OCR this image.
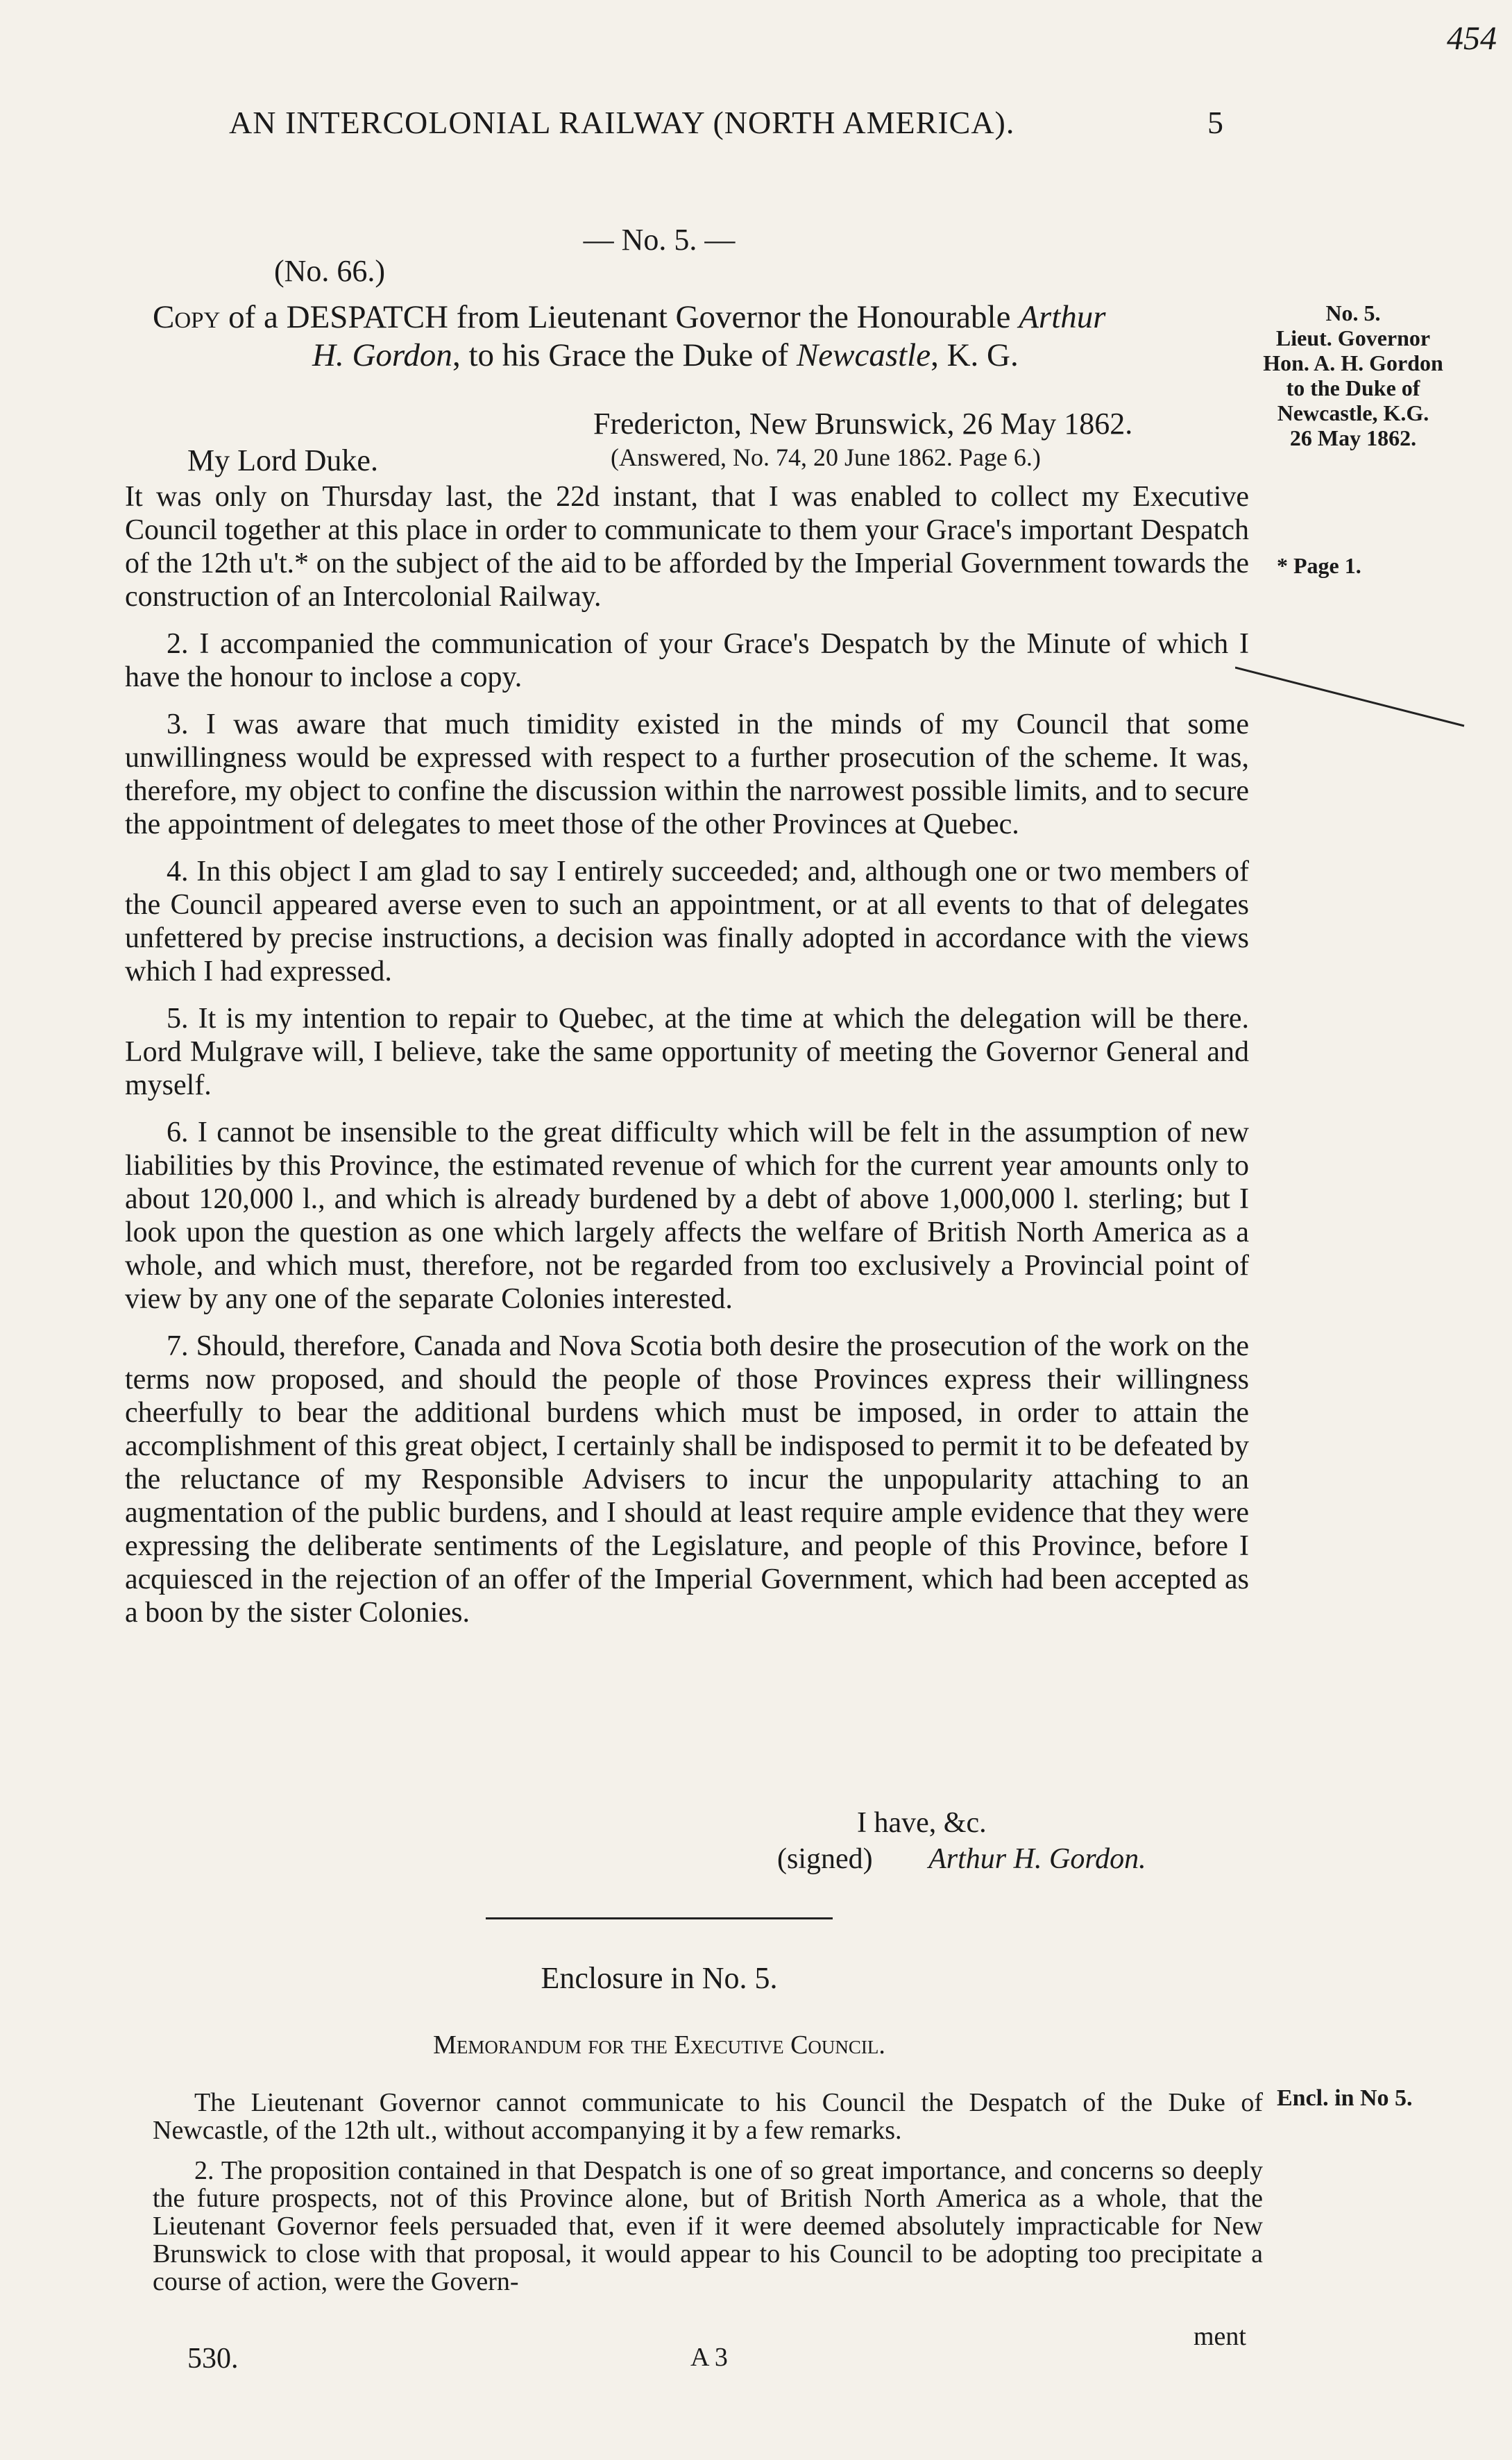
454
AN INTERCOLONIAL RAILWAY (NORTH AMERICA).	5
— No. 5. —
(No. 66.)
Copy of a DESPATCH from Lieutenant Governor the Honourable Arthur
H. Gordon, to his Grace the Duke of Newcastle, K. G.
No. 5.
Lieut. Governor
Hon. A. H. Gordon
to the Duke of
Newcastle, K.G.
26 May 1862.
Fredericton, New Brunswick, 26 May 1862.
My Lord Duke.	(Answered, No. 74, 20 June 1862. Page 6.)
* Page 1.

It was only on Thursday last, the 22d instant, that I was enabled to collect my Executive Council together at this place in order to communicate to them your Grace's important Despatch of the 12th u't.* on the subject of the aid to be afforded by the Imperial Government towards the construction of an Intercolonial Railway.

2. I accompanied the communication of your Grace's Despatch by the Minute of which I have the honour to inclose a copy.

3. I was aware that much timidity existed in the minds of my Council that some unwillingness would be expressed with respect to a further prosecution of the scheme. It was, therefore, my object to confine the discussion within the narrowest possible limits, and to secure the appointment of delegates to meet those of the other Provinces at Quebec.

4. In this object I am glad to say I entirely succeeded; and, although one or two members of the Council appeared averse even to such an appointment, or at all events to that of delegates unfettered by precise instructions, a decision was finally adopted in accordance with the views which I had expressed.

5. It is my intention to repair to Quebec, at the time at which the delegation will be there. Lord Mulgrave will, I believe, take the same opportunity of meeting the Governor General and myself.

6. I cannot be insensible to the great difficulty which will be felt in the assumption of new liabilities by this Province, the estimated revenue of which for the current year amounts only to about 120,000 l., and which is already burdened by a debt of above 1,000,000 l. sterling; but I look upon the question as one which largely affects the welfare of British North America as a whole, and which must, therefore, not be regarded from too exclusively a Provincial point of view by any one of the separate Colonies interested.

7. Should, therefore, Canada and Nova Scotia both desire the prosecution of the work on the terms now proposed, and should the people of those Provinces express their willingness cheerfully to bear the additional burdens which must be imposed, in order to attain the accomplishment of this great object, I certainly shall be indisposed to permit it to be defeated by the reluctance of my Responsible Advisers to incur the unpopularity attaching to an augmentation of the public burdens, and I should at least require ample evidence that they were expressing the deliberate sentiments of the Legislature, and people of this Province, before I acquiesced in the rejection of an offer of the Imperial Government, which had been accepted as a boon by the sister Colonies.

I have, &c.
(signed) Arthur H. Gordon.
Enclosure in No. 5.
Memorandum for the Executive Council.
Encl. in No 5.

The Lieutenant Governor cannot communicate to his Council the Despatch of the Duke of Newcastle, of the 12th ult., without accompanying it by a few remarks.

2. The proposition contained in that Despatch is one of so great importance, and concerns so deeply the future prospects, not of this Province alone, but of British North America as a whole, that the Lieutenant Governor feels persuaded that, even if it were deemed absolutely impracticable for New Brunswick to close with that proposal, it would appear to his Council to be adopting too precipitate a course of action, were the Govern-

ment
530.	A 3
